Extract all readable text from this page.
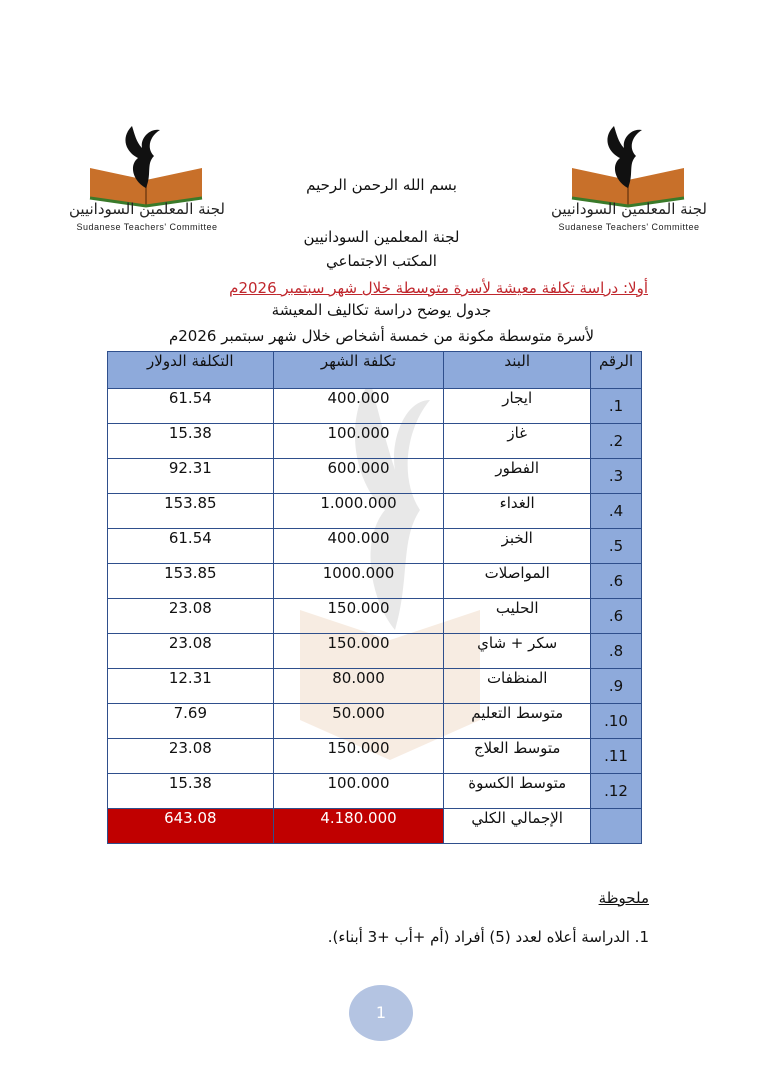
لجنة المعلمين السودانيين
Sudanese Teachers' Committee
لجنة المعلمين السودانيين
Sudanese Teachers' Committee
بسم الله الرحمن الرحيم
لجنة المعلمين السودانيين
المكتب الاجتماعي
أولا: دراسة تكلفة معيشة لأسرة متوسطة خلال شهر سبتمبر 2026م
جدول يوضح دراسة تكاليف المعيشة
لأسرة متوسطة مكونة من خمسة أشخاص خلال شهر سبتمبر 2026م
الرقم	البند	تكلفة الشهر	التكلفة الدولار
1.	ايجار	400.000	61.54
2.	غاز	100.000	15.38
3.	الفطور	600.000	92.31
4.	الغداء	1.000.000	153.85
5.	الخبز	400.000	61.54
6.	المواصلات	1000.000	153.85
6.	الحليب	150.000	23.08
8.	سكر + شاي	150.000	23.08
9.	المنظفات	80.000	12.31
10.	متوسط التعليم	50.000	7.69
11.	متوسط العلاج	150.000	23.08
12.	متوسط الكسوة	100.000	15.38
	الإجمالي الكلي	4.180.000	643.08
ملحوظة
1. الدراسة أعلاه لعدد (5) أفراد (أم +أب +3 أبناء).
1
